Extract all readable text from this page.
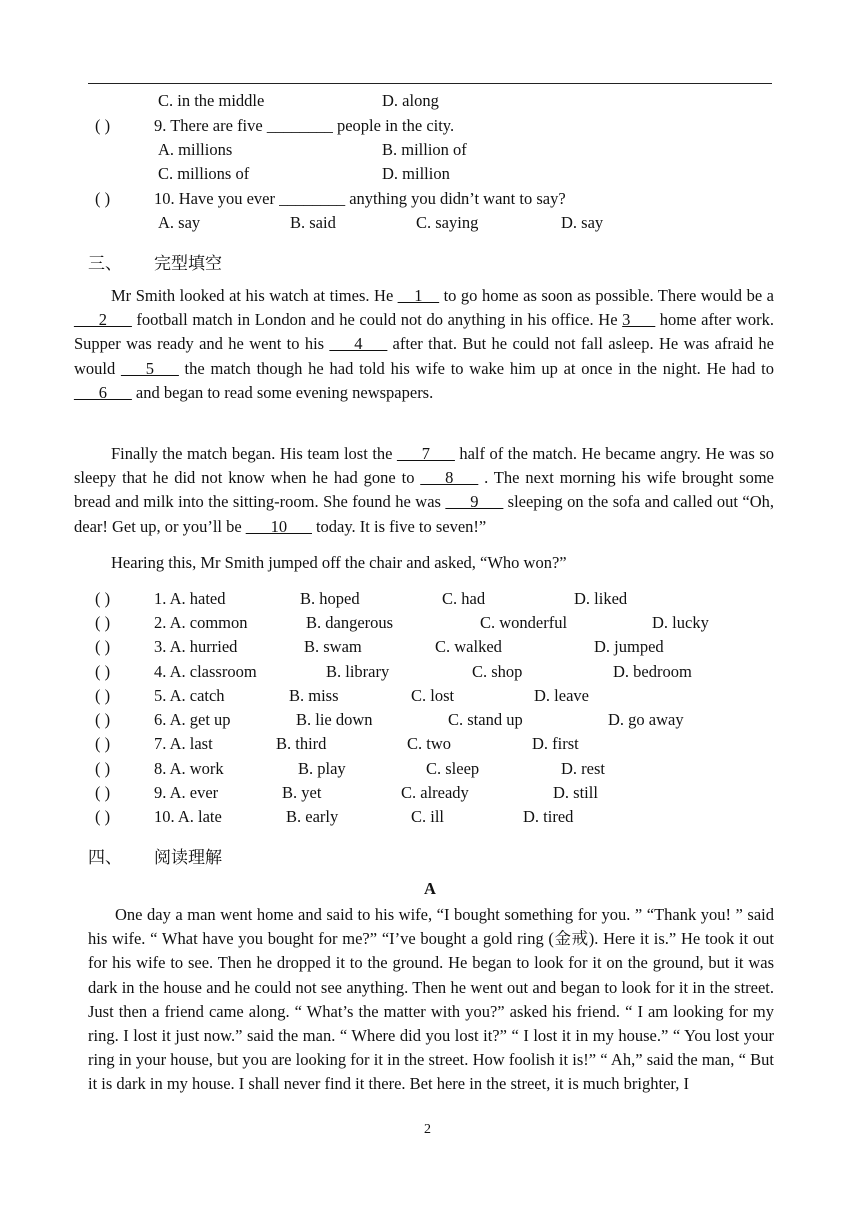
C. in the middle	D. along
( )	9. There are five ________ people in the city.
A. millions	B. million of
C. millions of	D. million
( )	10. Have you ever ________ anything you didn’t want to say?
A. say	B. said	C. saying	D. say
三、 完型填空
Mr Smith looked at his watch at times. He __1__ to go home as soon as possible. There would be a ___2___ football match in London and he could not do anything in his office. He 3___ home after work. Supper was ready and he went to his ___4___ after that. But he could not fall asleep. He was afraid he would ___5___ the match though he had told his wife to wake him up at once in the night. He had to ___6___ and began to read some evening newspapers.
Finally the match began. His team lost the ___7___ half of the match. He became angry. He was so sleepy that he did not know when he had gone to ___8___ . The next morning his wife brought some bread and milk into the sitting-room. She found he was ___9___ sleeping on the sofa and called out “Oh, dear! Get up, or you’ll be ___10___ today. It is five to seven!”
Hearing this, Mr Smith jumped off the chair and asked, “Who won?”
( )	1. A. hated	B. hoped	C. had	D. liked
( )	2. A. common	B. dangerous	C. wonderful	D. lucky
( )	3. A. hurried	B. swam	C. walked	D. jumped
( )	4. A. classroom	B. library	C. shop	D. bedroom
( )	5. A. catch	B. miss	C. lost	D. leave
( )	6. A. get up	B. lie down	C. stand up	D. go away
( )	7. A. last	B. third	C. two	D. first
( )	8. A. work	B. play	C. sleep	D. rest
( )	9. A. ever	B. yet	C. already	D. still
( )	10. A. late	B. early	C. ill	D. tired
四、 阅读理解
A
One day a man went home and said to his wife, “I bought something for you. ” “Thank you! ” said his wife. “ What have you bought for me?” “I’ve bought a gold ring (金戒). Here it is.” He took it out for his wife to see. Then he dropped it to the ground. He began to look for it on the ground, but it was dark in the house and he could not see anything. Then he went out and began to look for it in the street. Just then a friend came along. “ What’s the matter with you?” asked his friend. “ I am looking for my ring. I lost it just now.” said the man. “ Where did you lost it?” “ I lost it in my house.” “ You lost your ring in your house, but you are looking for it in the street. How foolish it is!” “ Ah,” said the man, “ But it is dark in my house. I shall never find it there. Bet here in the street, it is much brighter, I
2
